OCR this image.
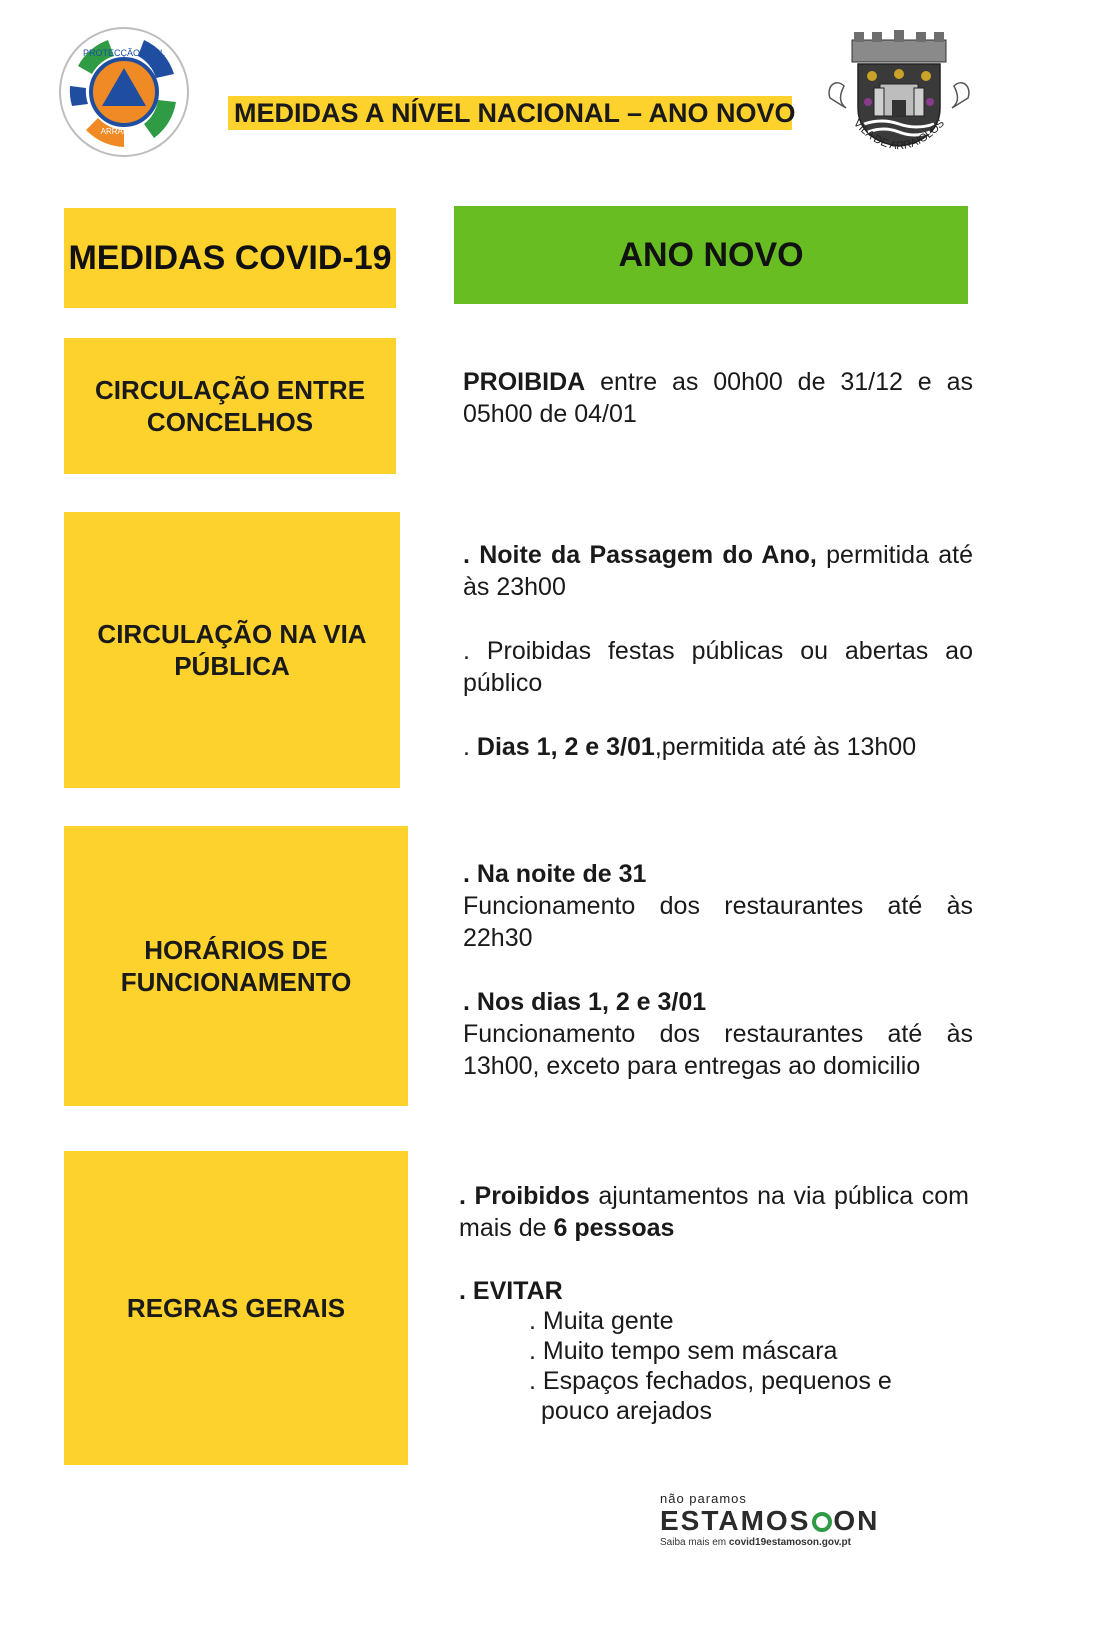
PROTECÇÃO CIVIL
ARRAIOLOS
MEDIDAS A NÍVEL NACIONAL – ANO NOVO	VILA DE ARRAIOLOS
MEDIDAS COVID-19	ANO NOVO
CIRCULAÇÃO ENTRE
CONCELHOS

PROIBIDA entre as 00h00 de 31/12 e as 05h00 de 04/01

CIRCULAÇÃO NA VIA
PÚBLICA

. Noite da Passagem do Ano, permitida até às 23h00

. Proibidas festas públicas ou abertas ao público

. Dias 1, 2 e 3/01,permitida até às 13h00

HORÁRIOS DE
FUNCIONAMENTO

. Na noite de 31

Funcionamento dos restaurantes até às 22h30

. Nos dias 1, 2 e 3/01

Funcionamento dos restaurantes até às 13h00, exceto para entregas ao domicilio

REGRAS GERAIS

. Proibidos ajuntamentos na via pública com mais de 6 pessoas

. EVITAR

. Muita gente

. Muito tempo sem máscara

. Espaços fechados, pequenos e

pouco arejados

não paramos
ESTAMOS ON
Saiba mais em covid19estamoson.gov.pt
